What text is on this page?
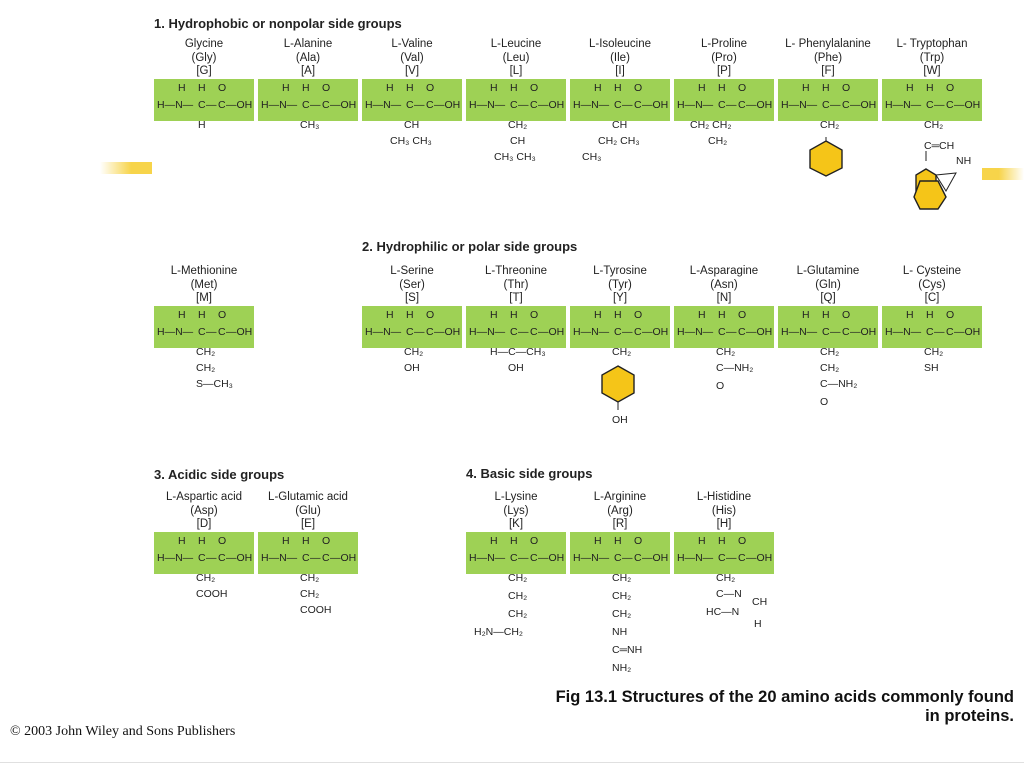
1. Hydrophobic or nonpolar side groups
2. Hydrophilic or polar side groups
3. Acidic side groups	4. Basic side groups
Glycine
(Gly)
[G]
H H O
H—N— C — C —OH
H
L-Alanine
(Ala)
[A]
H H O
H—N— C — C —OH
CH₃
L-Valine
(Val)
[V]
H H O
H—N— C — C —OH
CH
CH₃ CH₃
L-Leucine
(Leu)
[L]
H H O
H—N— C — C —OH
CH₂
CH
CH₃ CH₃
L-Isoleucine
(Ile)
[I]
H H O
H—N— C — C —OH
CH
CH₂ CH₃
CH₃
L-Proline
(Pro)
[P]
H H O
H—N— C — C —OH
CH₂ CH₂
CH₂
L- Phenylalanine
(Phe)
[F]
H H O
H—N— C — C —OH
CH₂
L- Tryptophan
(Trp)
[W]
H H O
H—N— C — C —OH
CH₂
C═CH
NH
L-Methionine
(Met)
[M]
H H O
H—N— C — C —OH
CH₂
CH₂
S—CH₃
L-Serine
(Ser)
[S]
H H O
H—N— C — C —OH
CH₂
OH
L-Threonine
(Thr)
[T]
H H O
H—N— C — C —OH
H—C—CH₃
OH
L-Tyrosine
(Tyr)
[Y]
H H O
H—N— C — C —OH
CH₂
OH
L-Asparagine
(Asn)
[N]
H H O
H—N— C — C —OH
CH₂
C—NH₂
O
L-Glutamine
(Gln)
[Q]
H H O
H—N— C — C —OH
CH₂
CH₂
C—NH₂
O
L- Cysteine
(Cys)
[C]
H H O
H—N— C — C —OH
CH₂
SH
L-Aspartic acid
(Asp)
[D]
H H O
H—N— C — C —OH
CH₂
COOH
L-Glutamic acid
(Glu)
[E]
H H O
H—N— C — C —OH
CH₂
CH₂
COOH
L-Lysine
(Lys)
[K]
H H O
H—N— C — C —OH
CH₂
CH₂
CH₂
H₂N—CH₂
L-Arginine
(Arg)
[R]
H H O
H—N— C — C —OH
CH₂
CH₂
CH₂
NH
C═NH
NH₂
L-Histidine
(His)
[H]
H H O
H—N— C — C —OH
CH₂
C—N
HC—N
CH
H
Fig 13.1 Structures of the 20 amino acids commonly found
in proteins.
© 2003 John Wiley and Sons Publishers
